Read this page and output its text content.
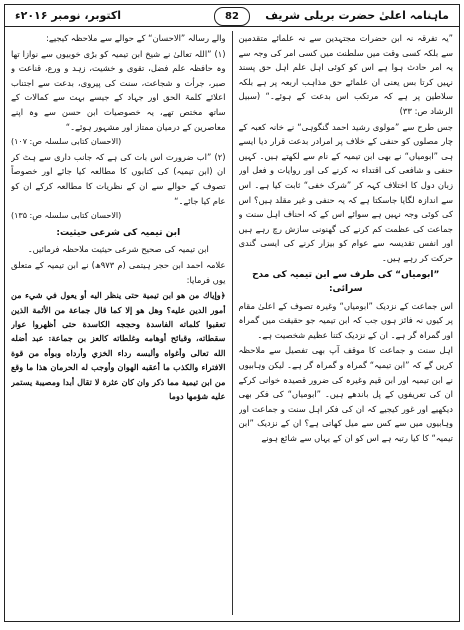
اکتوبر، نومبر ۲۰۱۶ء	ماہنامہ اعلیٰ حضرت بریلی شریف
82

”یہ تفرقہ نہ ابن حضرات مجتہدین سے نہ علمائے متقدمین سے بلکہ کسی وقت میں سلطنت میں کسی امر کی وجہ سے یہ امر حادث ہوا ہے اس کو کوئی اہل علم اہل حق پسند نہیں کرتا بس یعنی ان علمائے حق مذاہب اربعہ پر ہے بلکہ سلاطین پر ہے کہ مرتکب اس بدعت کے ہوئے۔“ (سبیل الرشاد ص: ۳۳)

جس طرح سے ”مولوی رشید احمد گنگوہی“ نے خانہ کعبہ کے چار مصلوں کو حنفی کے خلاف پر امرادر بدعت قرار دیا ایسے ہی ”ابومیاں“ نے بھی ابن تیمیہ کے نام سے لکھتے ہیں۔ کہیں حنفی و شافعی کی اقتداء نہ کرنے کی اور روایات و فعل اور زبان دول کا اختلاف کہہ کر ”شرک خفی“ ثابت کیا ہے۔ اس سے اندازہ لگایا جاسکتا ہے کہ یہ حنفی و غیر مقلد ہیں؟ اس کی کوئی وجہ نہیں ہے سوائے اس کے کہ احناف اہل سنت و جماعت کی عظمت کم کرنے کی گھنونی سازش رچ رہے ہیں اور انفس تقدیسہ سے عوام کو بیزار کرنے کی ایسی گندی حرکت کر رہے ہیں۔

”ابومیاں“ کی طرف سے ابن تیمیہ کی مدح سرائی:

اس جماعت کے نزدیک ”ابومیاں“ وغیرہ تصوف کے اعلیٰ مقام پر کیوں نہ فائز ہوں جب کہ ابن تیمیہ جو حقیقت میں گمراہ اور گمراہ گر ہے۔ ان کے نزدیک کتنا عظیم شخصیت ہے۔

اہل سنت و جماعت کا موقف آپ بھی تفصیل سے ملاحظہ کریں گے کہ ”ابن تیمیہ“ گمراہ و گمراہ گر ہے۔ لیکن وہابیوں نے ابن تیمیہ اور ابن قیم وغیرہ کی ضرور قصیدہ خوانی کرکے ان کی تعریفوں کے پل باندھے ہیں۔ ”ابومیاں“ کی فکر بھی دیکھیے اور غور کیجیے کہ ان کی فکر اہل سنت و جماعت اور وہابیوں میں سے کس سے میل کھاتی ہے؟ ان کے نزدیک ”ابن تیمیہ“ کا کیا رتبہ ہے اس کو ان کے یہاں سے شائع ہونے

والے رسالہ ”الاحسان“ کے حوالے سے ملاحظہ کیجیے:

(۱) ”اللہ تعالیٰ نے شیخ ابن تیمیہ کو بڑی خوبیوں سے نوازا تھا وہ حافظہ علم فضل، تقوی و خشیت، زہد و ورع، قناعت و صبر، جرأت و شجاعت، سنت کی پیروی، بدعت سے اجتناب اعلائے کلمۃ الحق اور جہاد کے جیسے بہت سے کمالات کے ساتھ مختص تھے، یہ خصوصیات ابن حسن سے وہ اپنے معاصرین کے درمیان ممتاز اور مشہور ہوئے۔“

(الاحسان کتابی سلسلہ ص: ۱۰۷)

(۲) ”اب ضرورت اس بات کی ہے کہ جانب داری سے ہٹ کر ان (ابن تیمیہ) کی کتابوں کا مطالعہ کیا جائے اور خصوصاً تصوف کے حوالے سے ان کے نظریات کا مطالعہ کرکے ان کو عام کیا جائے۔“

(الاحسان کتابی سلسلہ ص: ۱۳۵)
ابن تیمیہ کی شرعی حیثیت:

ابن تیمیہ کی صحیح شرعی حیثیت ملاحظہ فرمائیں۔

علامہ احمد ابن حجر ہیتمی (م ۹۷۳ھ) نے ابن تیمیہ کے متعلق یوں فرمایا:

﴿وإياك من هو ابن تيمية حتى ينظر اليه أو يعول في شيء من أمور الدين عليه؟ وهل هو إلا كما قال جماعة من الأئمة الذين تعقبوا كلماته الفاسدة وحججه الكاسدة حتى أظهروا عوار سقطاته، وقبائح أوهامه وغلطاته كالعز بن جماعة: عبد أضله الله تعالى وأغواه وألبسه رداء الخزي وأرداه وبوأه من قوة الافتراء والكذب ما أعقبه الهوان وأوجب له الحرمان هذا ما وقع من ابن تيمية مما ذكر وان كان عثرة لا تقال أبدا ومصيبة يستمر عليه شؤمها دوما
